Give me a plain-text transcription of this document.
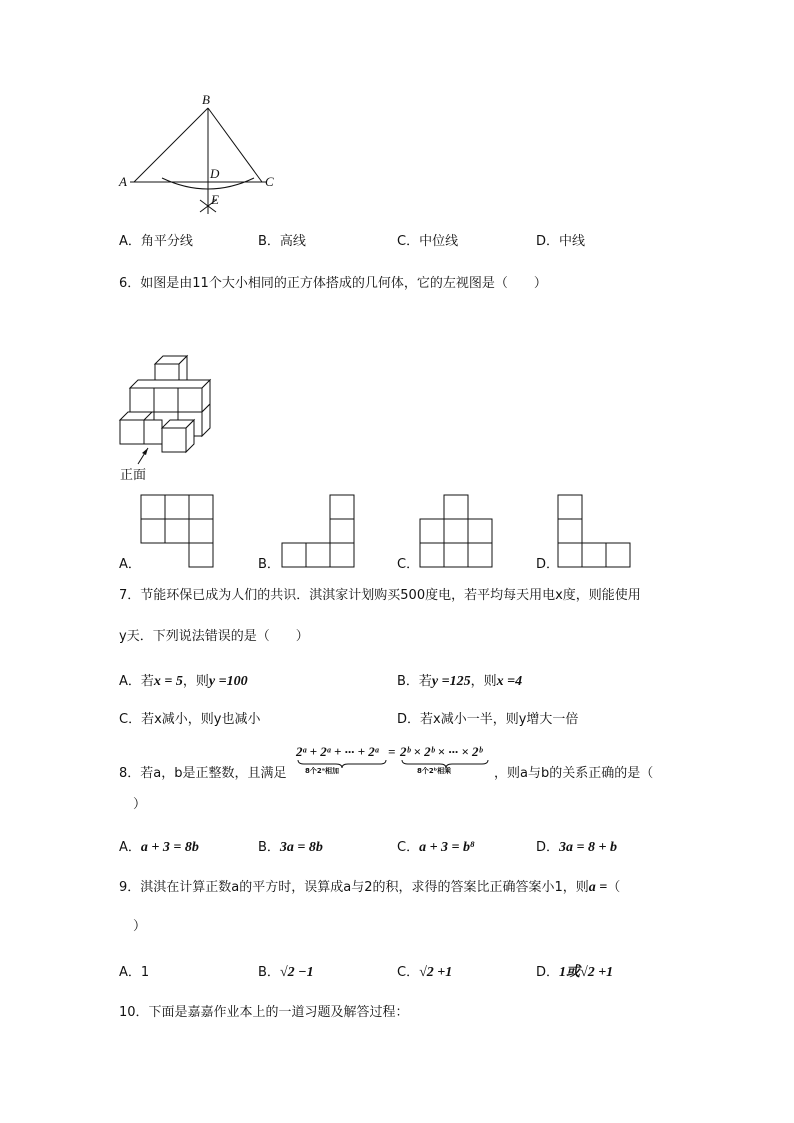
B
A	C
D
E
A．角平分线	B．高线	C．中位线	D．中线
6．如图是由11个大小相同的正方体搭成的几何体，它的左视图是（　　）
正面
A．	B．	C．	D．
7．节能环保已成为人们的共识．淇淇家计划购买500度电，若平均每天用电x度，则能使用
y天．下列说法错误的是（　　）
A．若x = 5，则y =100	B．若y =125，则x =4
C．若x减小，则y也减小	D．若x减小一半，则y增大一倍
8．若a，b是正整数，且满足
2ᵃ + 2ᵃ + ··· + 2ᵃ
8个2ᵃ相加
= 2ᵇ × 2ᵇ × ··· × 2ᵇ
8个2ᵇ相乘	，则a与b的关系正确的是（
）
A．a + 3 = 8b	B．3a = 8b	C．a + 3 = b⁸	D．3a = 8 + b
9．淇淇在计算正数a的平方时，误算成a与2的积，求得的答案比正确答案小1，则a =（
）
A．1	B．√2 −1	C．√2 +1	D．1或√2 +1
10．下面是嘉嘉作业本上的一道习题及解答过程：
